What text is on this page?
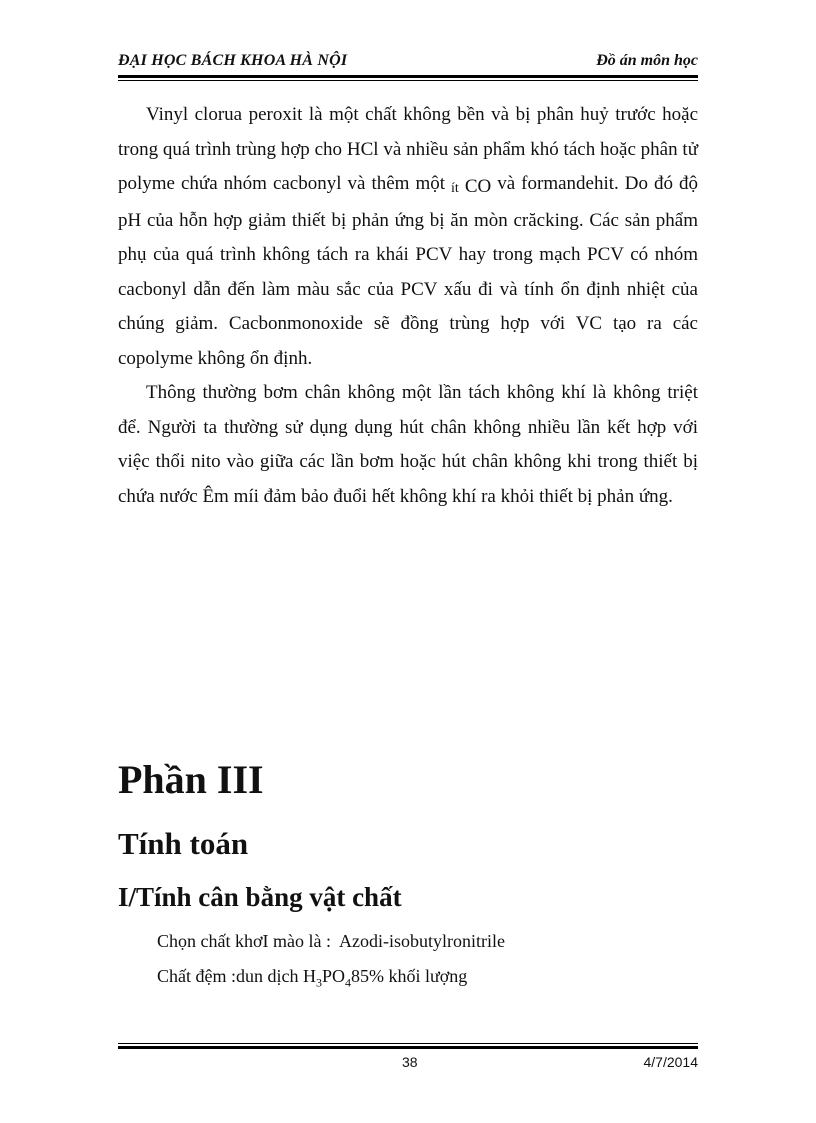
ĐẠI HỌC BÁCH KHOA HÀ NỘI	Đồ án môn học

Vinyl clorua peroxit là một chất không bền và bị phân huỷ trước hoặc trong quá trình trùng hợp cho HCl và nhiều sản phẩm khó tách hoặc phân tử polyme chứa nhóm cacbonyl và thêm một ít CO và formandehit. Do đó độ pH của hỗn hợp giảm thiết bị phản ứng bị ăn mòn crăcking. Các sản phẩm phụ của quá trình không tách ra khái PCV hay trong mạch PCV có nhóm cacbonyl dẫn đến làm màu sắc của PCV xấu đi và tính ổn định nhiệt của chúng giảm. Cacbonmonoxide sẽ đồng trùng hợp với VC tạo ra các copolyme không ổn định.

Thông thường bơm chân không một lần tách không khí là không triệt để. Người ta thường sử dụng dụng hút chân không nhiều lần kết hợp với việc thổi nito vào giữa các lần bơm hoặc hút chân không khi trong thiết bị chứa nước Êm míi đảm bảo đuổi hết không khí ra khỏi thiết bị phản ứng.

Phần III
Tính toán
I/Tính cân bằng vật chất
Chọn chất khơI mào là : Azodi-isobutylronitrile
Chất đệm :dun dịch $H_3PO_485\%$ khối lượng
38	4/7/2014
